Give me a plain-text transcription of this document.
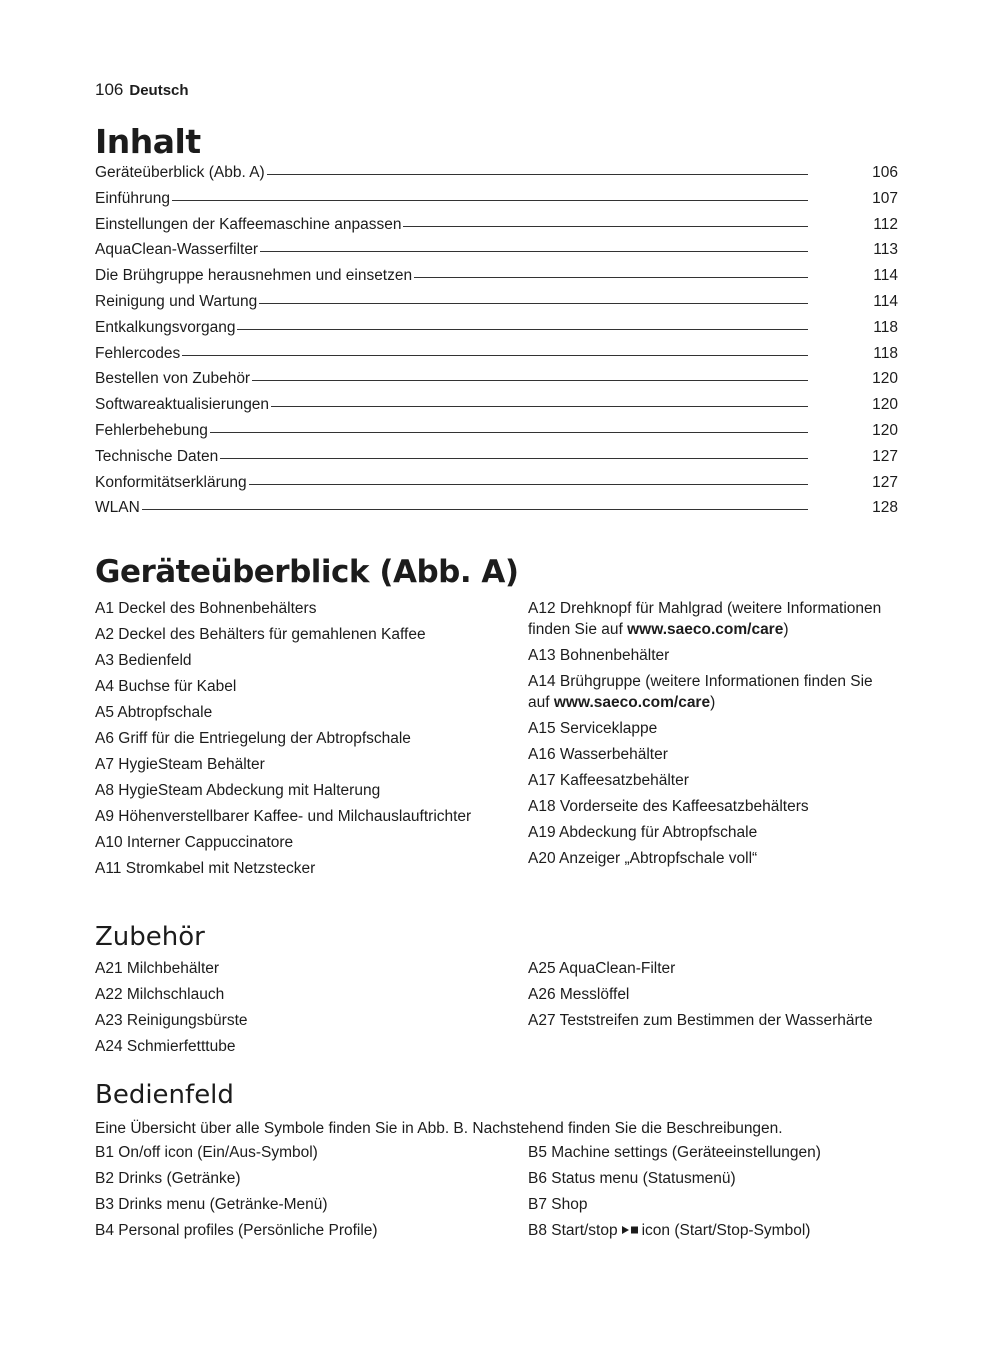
106 Deutsch
Inhalt
Geräteüberblick (Abb. A)	106
Einführung	107
Einstellungen der Kaffeemaschine anpassen	112
AquaClean-Wasserfilter	113
Die Brühgruppe herausnehmen und einsetzen	114
Reinigung und Wartung	114
Entkalkungsvorgang	118
Fehlercodes	118
Bestellen von Zubehör	120
Softwareaktualisierungen	120
Fehlerbehebung	120
Technische Daten	127
Konformitätserklärung	127
WLAN	128
Geräteüberblick (Abb. A)
A1 Deckel des Bohnenbehälters
A2 Deckel des Behälters für gemahlenen Kaffee
A3 Bedienfeld
A4 Buchse für Kabel
A5 Abtropfschale
A6 Griff für die Entriegelung der Abtropfschale
A7 HygieSteam Behälter
A8 HygieSteam Abdeckung mit Halterung
A9 Höhenverstellbarer Kaffee- und Milchauslauftrichter
A10 Interner Cappuccinatore
A11 Stromkabel mit Netzstecker
A12 Drehknopf für Mahlgrad (weitere Informationen finden Sie auf www.saeco.com/care)
A13 Bohnenbehälter
A14 Brühgruppe (weitere Informationen finden Sie auf www.saeco.com/care)
A15 Serviceklappe
A16 Wasserbehälter
A17 Kaffeesatzbehälter
A18 Vorderseite des Kaffeesatzbehälters
A19 Abdeckung für Abtropfschale
A20 Anzeiger „Abtropfschale voll“
Zubehör
A21 Milchbehälter
A22 Milchschlauch
A23 Reinigungsbürste
A24 Schmierfetttube
A25 AquaClean-Filter
A26 Messlöffel
A27 Teststreifen zum Bestimmen der Wasserhärte
Bedienfeld
Eine Übersicht über alle Symbole finden Sie in Abb. B. Nachstehend finden Sie die Beschreibungen.
B1 On/off icon (Ein/Aus-Symbol)
B2 Drinks (Getränke)
B3 Drinks menu (Getränke-Menü)
B4 Personal profiles (Persönliche Profile)
B5 Machine settings (Geräteeinstellungen)
B6 Status menu (Statusmenü)
B7 Shop
B8 Start/stop icon (Start/Stop-Symbol)
